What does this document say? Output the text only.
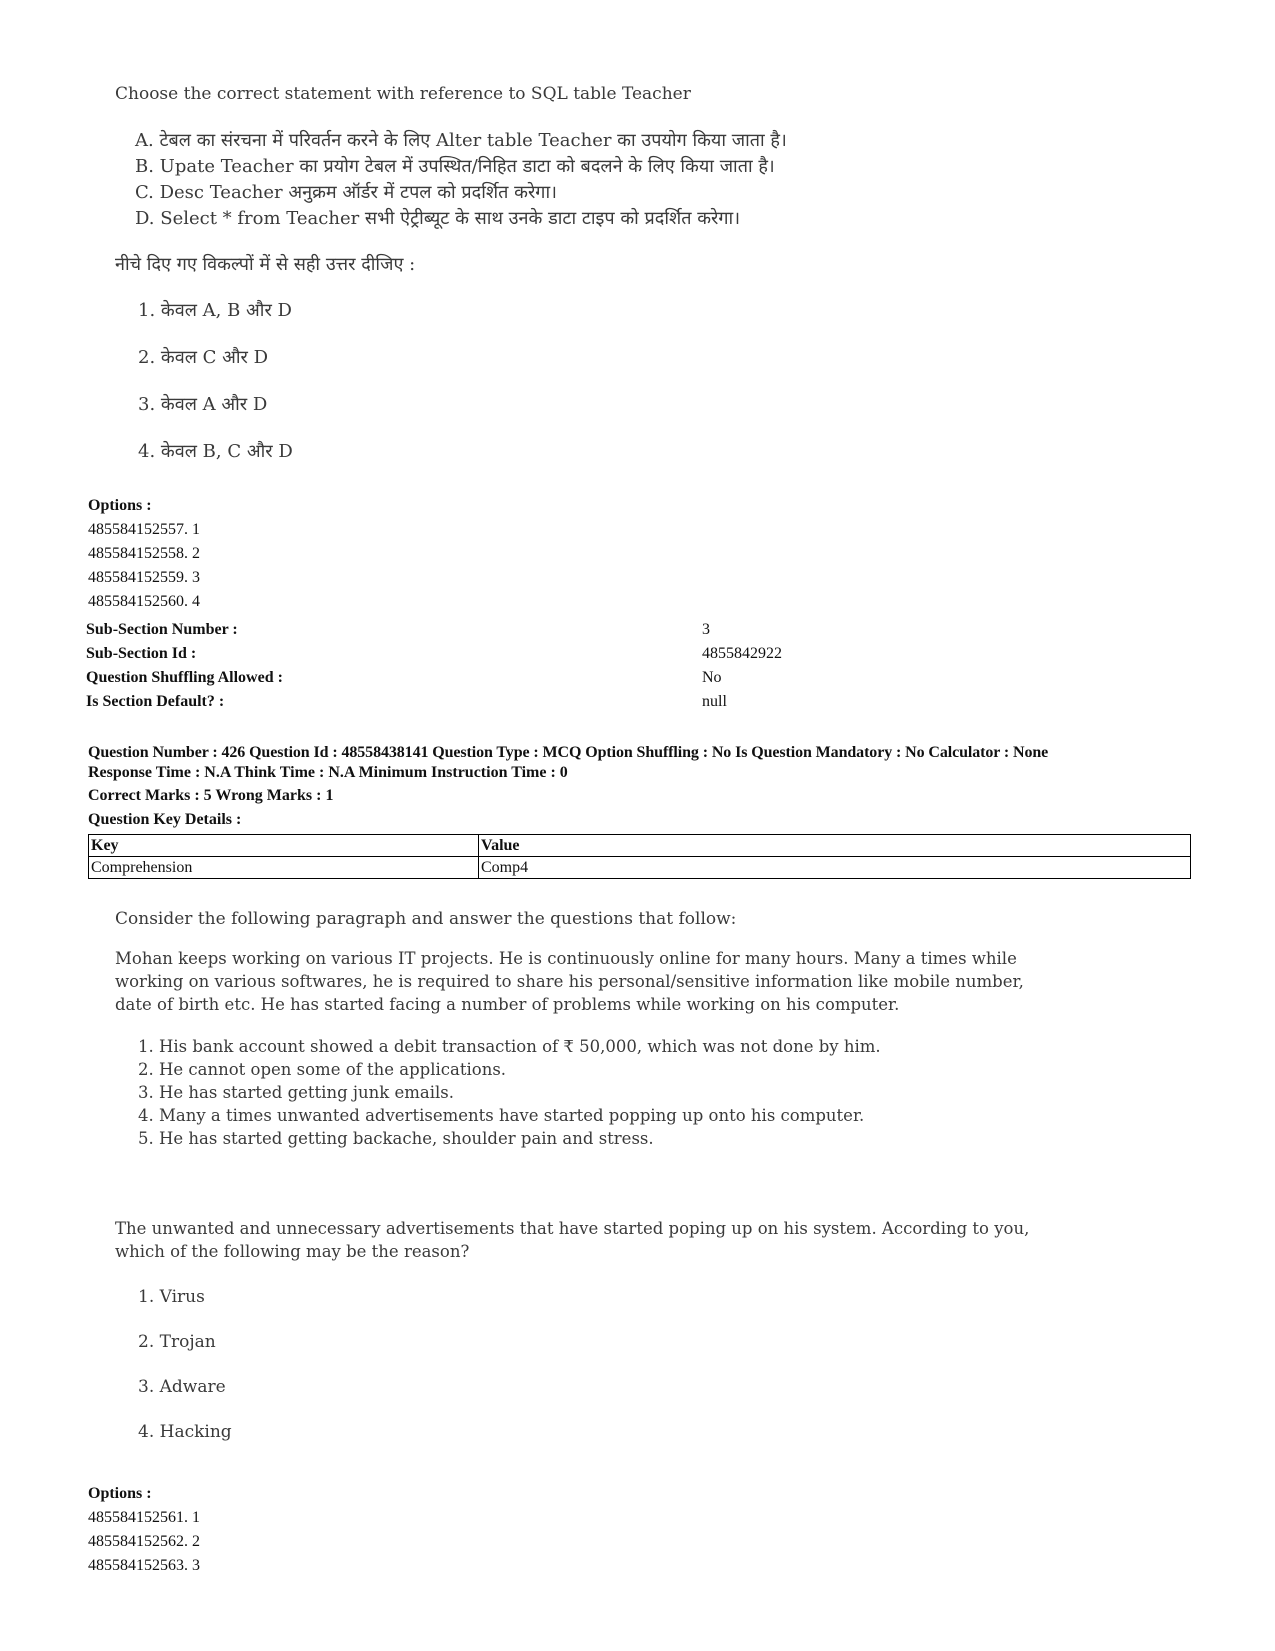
Choose the correct statement with reference to SQL table Teacher
A. टेबल का संरचना में परिवर्तन करने के लिए Alter table Teacher का उपयोग किया जाता है।
B. Upate Teacher का प्रयोग टेबल में उपस्थित/निहित डाटा को बदलने के लिए किया जाता है।
C. Desc Teacher अनुक्रम ऑर्डर में टपल को प्रदर्शित करेगा।
D. Select * from Teacher सभी ऐट्रीब्यूट के साथ उनके डाटा टाइप को प्रदर्शित करेगा।
नीचे दिए गए विकल्पों में से सही उत्तर दीजिए :
1. केवल A, B और D
2. केवल C और D
3. केवल A और D
4. केवल B, C और D
Options :
485584152557. 1
485584152558. 2
485584152559. 3
485584152560. 4
Sub-Section Number :	3
Sub-Section Id :	4855842922
Question Shuffling Allowed :	No
Is Section Default? :	null
Question Number : 426 Question Id : 48558438141 Question Type : MCQ Option Shuffling : No Is Question Mandatory : No Calculator : None
Response Time : N.A Think Time : N.A Minimum Instruction Time : 0
Correct Marks : 5 Wrong Marks : 1
Question Key Details :
Key	Value
Comprehension	Comp4
Consider the following paragraph and answer the questions that follow:
Mohan keeps working on various IT projects. He is continuously online for many hours. Many a times while
working on various softwares, he is required to share his personal/sensitive information like mobile number,
date of birth etc. He has started facing a number of problems while working on his computer.
1. His bank account showed a debit transaction of ₹ 50,000, which was not done by him.
2. He cannot open some of the applications.
3. He has started getting junk emails.
4. Many a times unwanted advertisements have started popping up onto his computer.
5. He has started getting backache, shoulder pain and stress.
The unwanted and unnecessary advertisements that have started poping up on his system. According to you,
which of the following may be the reason?
1. Virus
2. Trojan
3. Adware
4. Hacking
Options :
485584152561. 1
485584152562. 2
485584152563. 3
